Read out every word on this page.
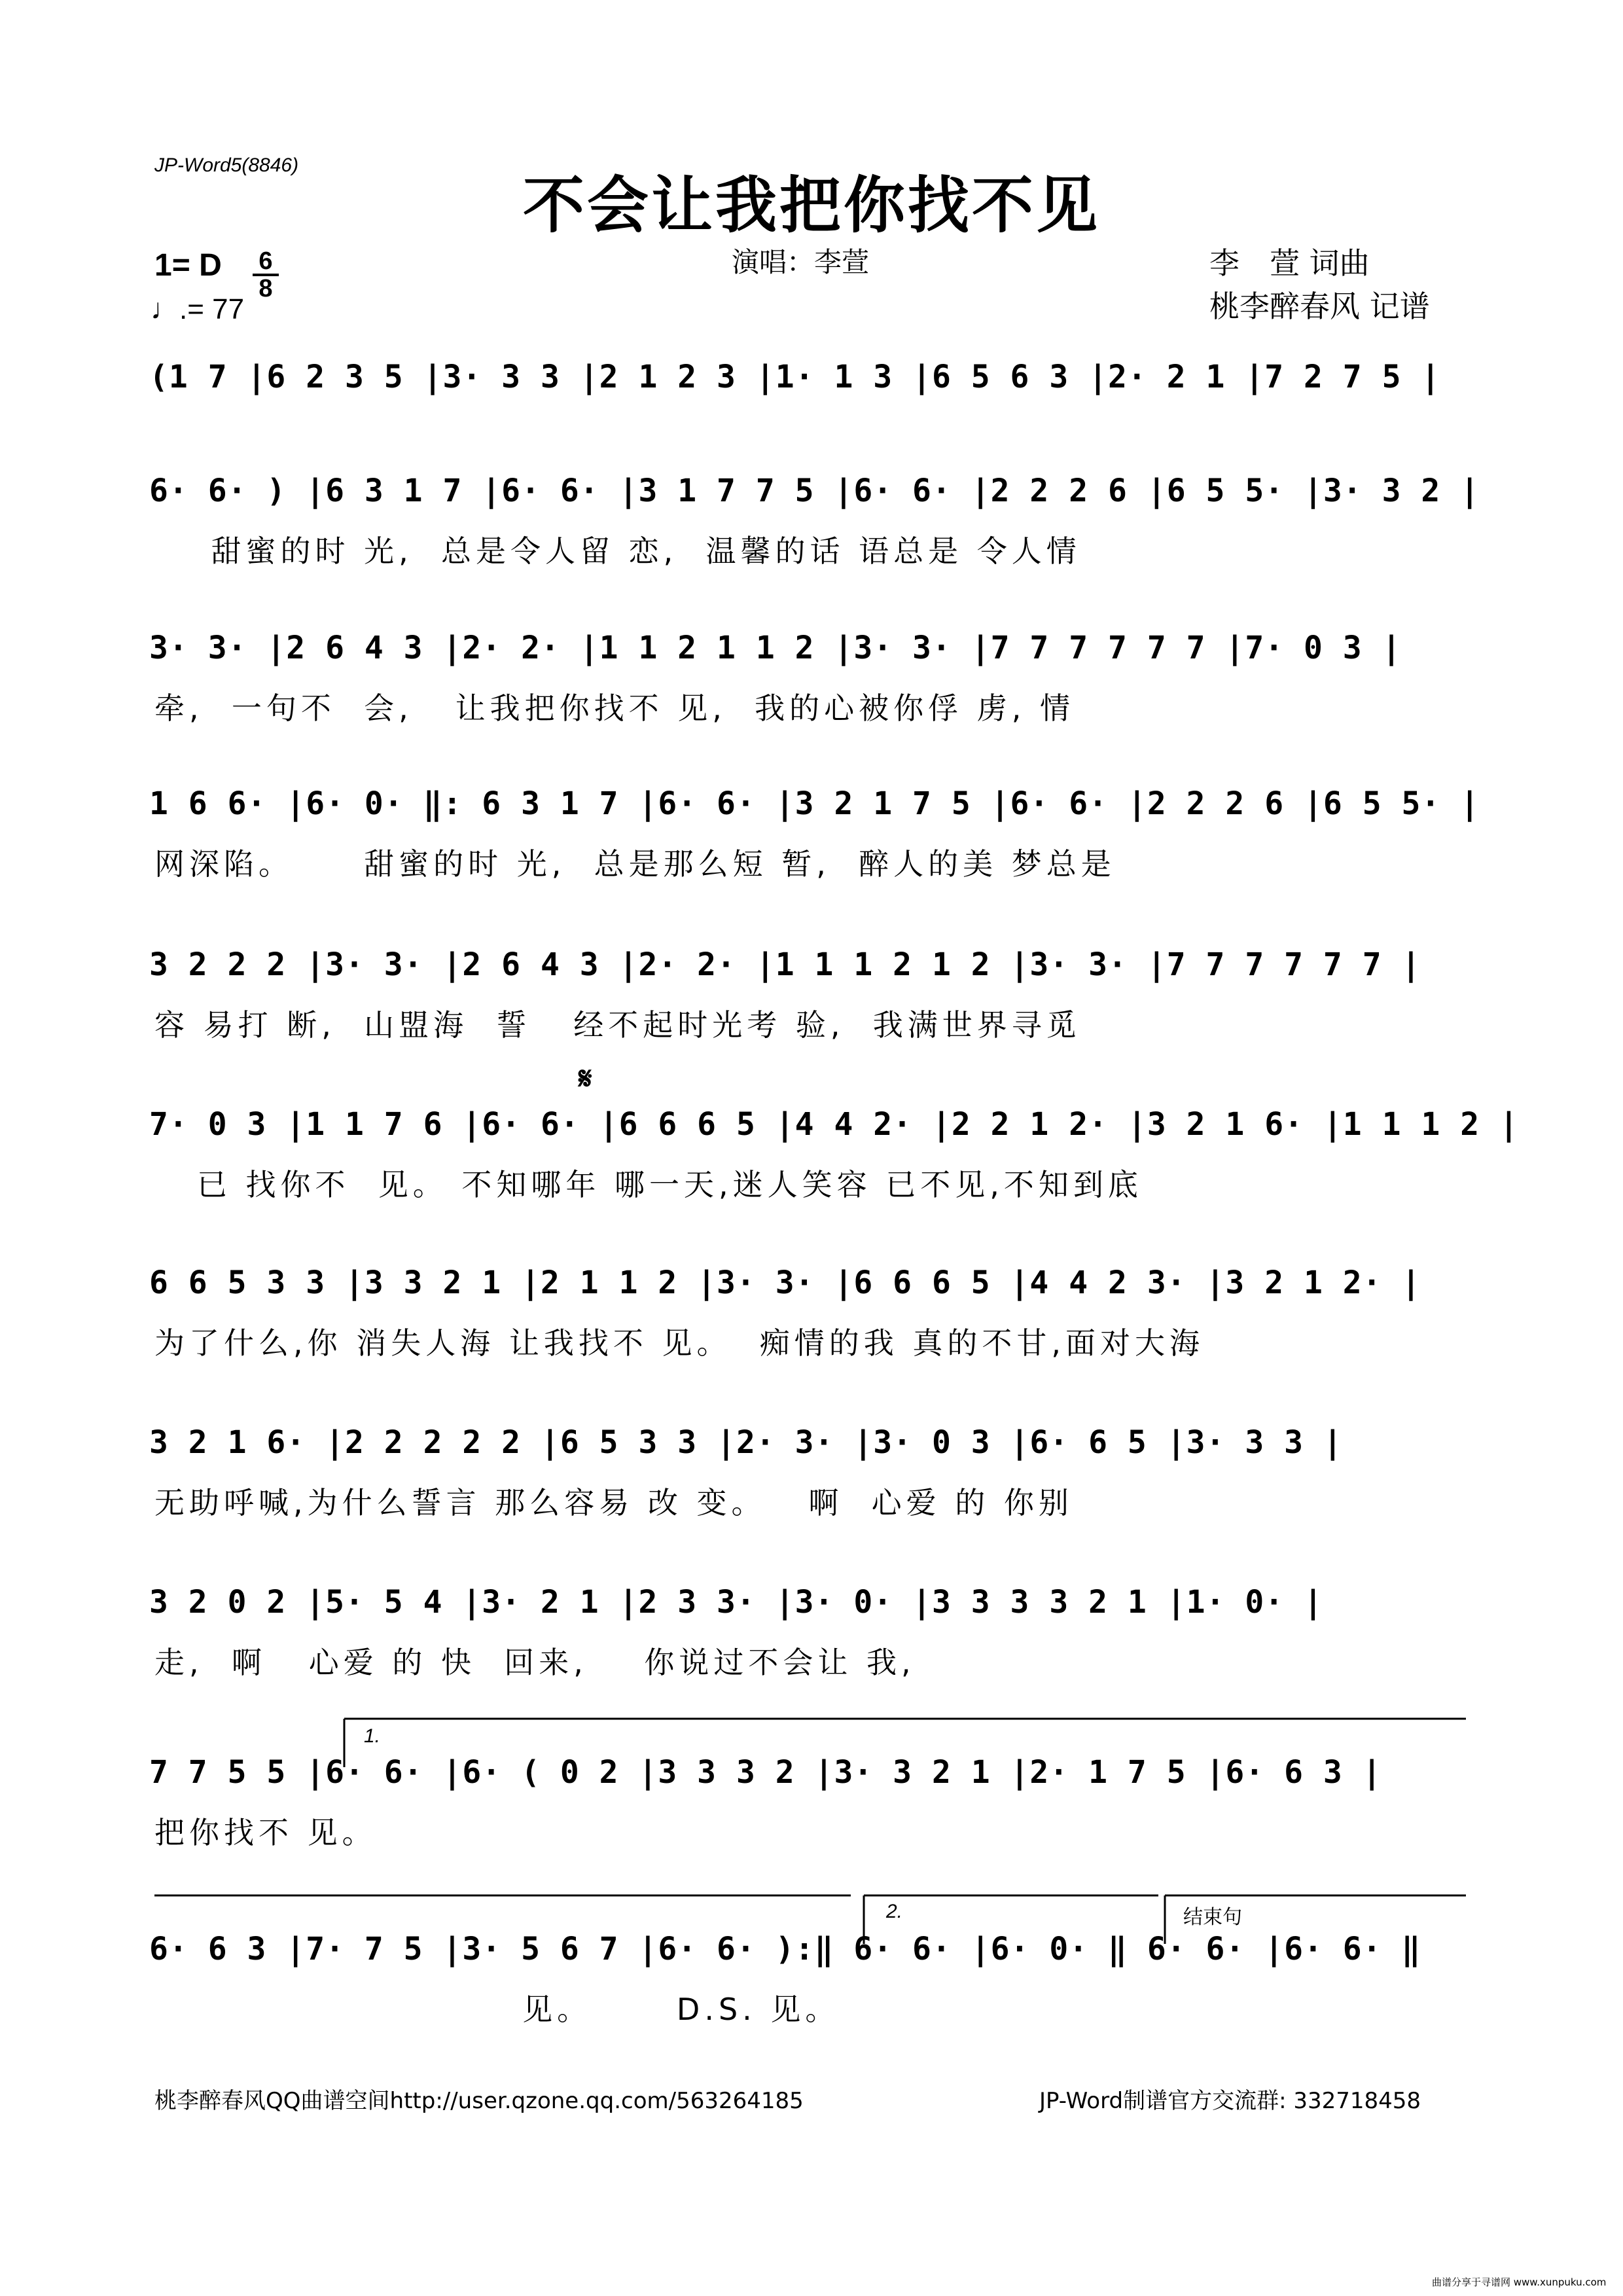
JP-Word5(8846)
不会让我把你找不见
1= D $\frac{6}{8}$
♩.= 77
演唱：李萱	李　萱 词曲
桃李醉春风 记谱
(1 7 |6 2 3 5 |3· 3 3 |2 1 2 3 |1· 1 3 |6 5 6 3 |2· 2 1 |7 2 7 5 |
6· 6· ) |6 3 1 7 |6· 6· |3 1 7 7 5 |6· 6· |2 2 2 6 |6 5 5· |3· 3 2 |
甜蜜的时 光,  总是令人留 恋,  温馨的话 语总是 令人情
3· 3· |2 6 4 3 |2· 2· |1 1 2 1 1 2 |3· 3· |7 7 7 7 7 7 |7· 0 3 |
牵,  一句不  会,   让我把你找不 见,  我的心被你俘 虏, 情
1 6 6· |6· 0· ‖: 6 3 1 7 |6· 6· |3 2 1 7 5 |6· 6· |2 2 2 6 |6 5 5· |
网深陷。     甜蜜的时 光,  总是那么短 暂,  醉人的美 梦总是
3 2 2 2 |3· 3· |2 6 4 3 |2· 2· |1 1 1 2 1 2 |3· 3· |7 7 7 7 7 7 |
容 易打 断,  山盟海  誓   经不起时光考 验,  我满世界寻觅
𝄋
7· 0 3 |1 1 7 6 |6· 6· |6 6 6 5 |4 4 2· |2 2 1 2· |3 2 1 6· |1 1 1 2 |
已 找你不  见。 不知哪年 哪一天,迷人笑容 已不见,不知到底
6 6 5 3 3 |3 3 2 1 |2 1 1 2 |3· 3· |6 6 6 5 |4 4 2 3· |3 2 1 2· |
为了什么,你 消失人海 让我找不 见。  痴情的我 真的不甘,面对大海
3 2 1 6· |2 2 2 2 2 |6 5 3 3 |2· 3· |3· 0 3 |6· 6 5 |3· 3 3 |
无助呼喊,为什么誓言 那么容易 改 变。   啊  心爱 的 你别
3 2 0 2 |5· 5 4 |3· 2 1 |2 3 3· |3· 0· |3 3 3 3 2 1 |1· 0· |
走,  啊   心爱 的 快  回来,    你说过不会让 我,
1.
7 7 5 5 |6· 6· |6· ( 0 2 |3 3 3 2 |3· 3 2 1 |2· 1 7 5 |6· 6 3 |
把你找不 见。
2.	结束句
6· 6 3 |7· 7 5 |3· 5 6 7 |6· 6· ):‖ 6· 6· |6· 0· ‖ 6· 6· |6· 6· ‖
见。      D.S. 见。
桃李醉春风QQ曲谱空间http://user.qzone.qq.com/563264185	JP-Word制谱官方交流群: 332718458
曲谱分享于寻谱网 www.xunpuku.com
